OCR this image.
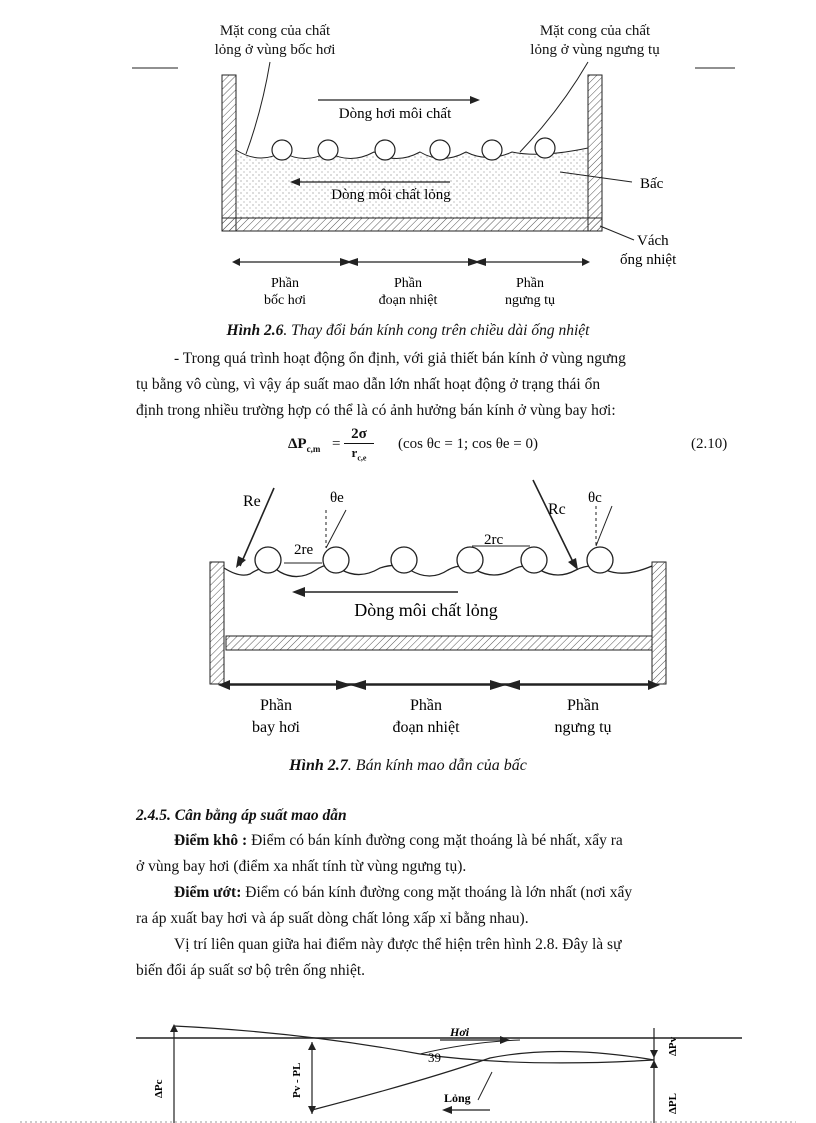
Mặt cong của chất
lỏng ở vùng bốc hơi
Mặt cong của chất
lỏng ở vùng ngưng tụ
Dòng hơi môi chất
Dòng môi chất lỏng
Bấc
Vách
ống nhiệt
Phần
bốc hơi
Phần
đoạn nhiệt
Phần
ngưng tụ
Hình 2.6. Thay đổi bán kính cong trên chiều dài ống nhiệt
- Trong quá trình hoạt động ổn định, với giả thiết bán kính ở vùng ngưng
tụ bằng vô cùng, vì vậy áp suất mao dẫn lớn nhất hoạt động ở trạng thái ổn
định trong nhiều trường hợp có thể là có ảnh hưởng bán kính ở vùng bay hơi:
$\Delta P_{c,m}$ =
2σ
$r_{c,e}$
(cos θc = 1; cos θe = 0)	(2.10)
Re	θe
2re
2rc
Rc
θc
Dòng môi chất lỏng
Phần
bay hơi
Phần
đoạn nhiệt
Phần
ngưng tụ
Hình 2.7. Bán kính mao dẫn của bấc
2.4.5. Cân bằng áp suất mao dẫn
Điểm khô : Điểm có bán kính đường cong mặt thoáng là bé nhất, xẩy ra
ở vùng bay hơi (điểm xa nhất tính từ vùng ngưng tụ).
Điểm ướt: Điểm có bán kính đường cong mặt thoáng là lớn nhất (nơi xẩy
ra áp xuất bay hơi và áp suất dòng chất lỏng xấp xỉ bằng nhau).
Vị trí liên quan giữa hai điểm này được thể hiện trên hình 2.8. Đây là sự
biến đổi áp suất sơ bộ trên ống nhiệt.
Hơi
Lỏng
39
ΔPc	Pv - PL
ΔPv
ΔPL
